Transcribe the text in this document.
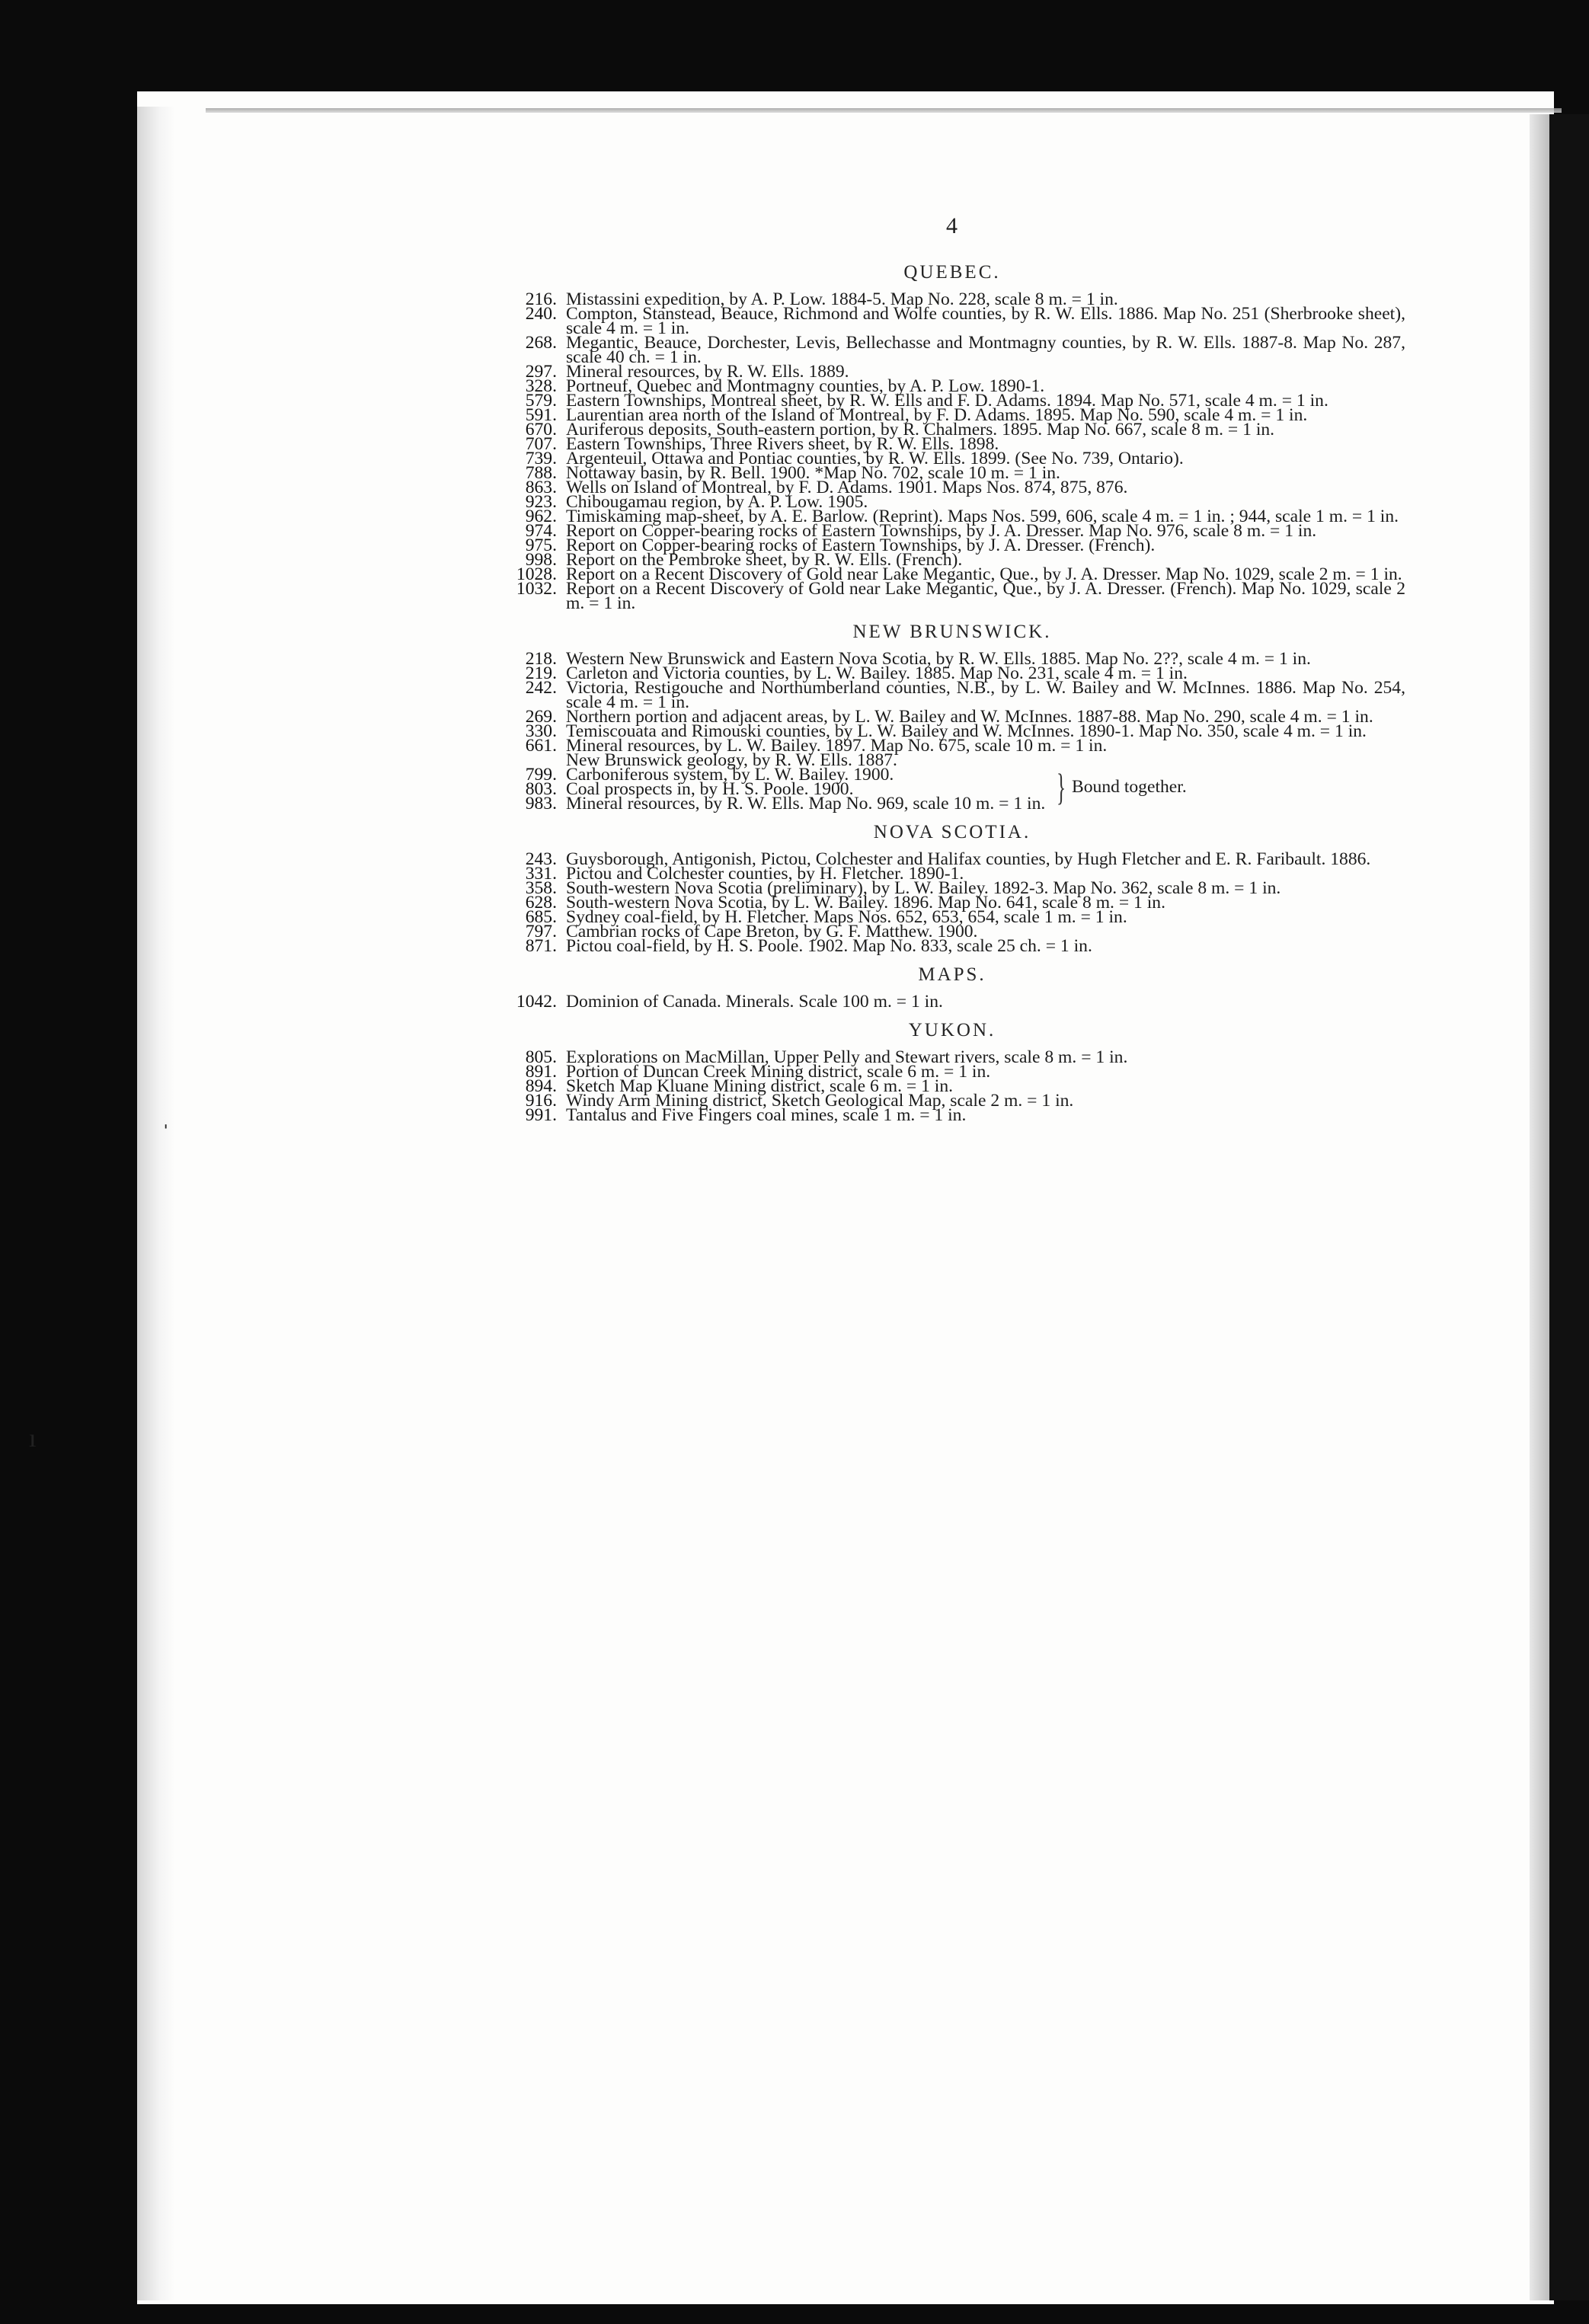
ˌ
ı
4
QUEBEC.
216. Mistassini expedition, by A. P. Low. 1884-5. Map No. 228, scale 8 m. = 1 in.
240. Compton, Stanstead, Beauce, Richmond and Wolfe counties, by R. W. Ells. 1886. Map No. 251 (Sherbrooke sheet), scale 4 m. = 1 in.
268. Megantic, Beauce, Dorchester, Levis, Bellechasse and Montmagny counties, by R. W. Ells. 1887-8. Map No. 287, scale 40 ch. = 1 in.
297. Mineral resources, by R. W. Ells. 1889.
328. Portneuf, Quebec and Montmagny counties, by A. P. Low. 1890-1.
579. Eastern Townships, Montreal sheet, by R. W. Ells and F. D. Adams. 1894. Map No. 571, scale 4 m. = 1 in.
591. Laurentian area north of the Island of Montreal, by F. D. Adams. 1895. Map No. 590, scale 4 m. = 1 in.
670. Auriferous deposits, South-eastern portion, by R. Chalmers. 1895. Map No. 667, scale 8 m. = 1 in.
707. Eastern Townships, Three Rivers sheet, by R. W. Ells. 1898.
739. Argenteuil, Ottawa and Pontiac counties, by R. W. Ells. 1899. (See No. 739, Ontario).
788. Nottaway basin, by R. Bell. 1900. *Map No. 702, scale 10 m. = 1 in.
863. Wells on Island of Montreal, by F. D. Adams. 1901. Maps Nos. 874, 875, 876.
923. Chibougamau region, by A. P. Low. 1905.
962. Timiskaming map-sheet, by A. E. Barlow. (Reprint). Maps Nos. 599, 606, scale 4 m. = 1 in. ; 944, scale 1 m. = 1 in.
974. Report on Copper-bearing rocks of Eastern Townships, by J. A. Dresser. Map No. 976, scale 8 m. = 1 in.
975. Report on Copper-bearing rocks of Eastern Townships, by J. A. Dresser. (French).
998. Report on the Pembroke sheet, by R. W. Ells. (French).
1028. Report on a Recent Discovery of Gold near Lake Megantic, Que., by J. A. Dresser. Map No. 1029, scale 2 m. = 1 in.
1032. Report on a Recent Discovery of Gold near Lake Megantic, Que., by J. A. Dresser. (French). Map No. 1029, scale 2 m. = 1 in.
NEW BRUNSWICK.
218. Western New Brunswick and Eastern Nova Scotia, by R. W. Ells. 1885. Map No. 2??, scale 4 m. = 1 in.
219. Carleton and Victoria counties, by L. W. Bailey. 1885. Map No. 231, scale 4 m. = 1 in.
242. Victoria, Restigouche and Northumberland counties, N.B., by L. W. Bailey and W. McInnes. 1886. Map No. 254, scale 4 m. = 1 in.
269. Northern portion and adjacent areas, by L. W. Bailey and W. McInnes. 1887-88. Map No. 290, scale 4 m. = 1 in.
330. Temiscouata and Rimouski counties, by L. W. Bailey and W. McInnes. 1890-1. Map No. 350, scale 4 m. = 1 in.
661. Mineral resources, by L. W. Bailey. 1897. Map No. 675, scale 10 m. = 1 in.
New Brunswick geology, by R. W. Ells. 1887.
799. Carboniferous system, by L. W. Bailey. 1900.
803. Coal prospects in, by H. S. Poole. 1900.	} Bound together.
983. Mineral resources, by R. W. Ells. Map No. 969, scale 10 m. = 1 in.
NOVA SCOTIA.
243. Guysborough, Antigonish, Pictou, Colchester and Halifax counties, by Hugh Fletcher and E. R. Faribault. 1886.
331. Pictou and Colchester counties, by H. Fletcher. 1890-1.
358. South-western Nova Scotia (preliminary), by L. W. Bailey. 1892-3. Map No. 362, scale 8 m. = 1 in.
628. South-western Nova Scotia, by L. W. Bailey. 1896. Map No. 641, scale 8 m. = 1 in.
685. Sydney coal-field, by H. Fletcher. Maps Nos. 652, 653, 654, scale 1 m. = 1 in.
797. Cambrian rocks of Cape Breton, by G. F. Matthew. 1900.
871. Pictou coal-field, by H. S. Poole. 1902. Map No. 833, scale 25 ch. = 1 in.
MAPS.
1042. Dominion of Canada. Minerals. Scale 100 m. = 1 in.
YUKON.
805. Explorations on MacMillan, Upper Pelly and Stewart rivers, scale 8 m. = 1 in.
891. Portion of Duncan Creek Mining district, scale 6 m. = 1 in.
894. Sketch Map Kluane Mining district, scale 6 m. = 1 in.
916. Windy Arm Mining district, Sketch Geological Map, scale 2 m. = 1 in.
991. Tantalus and Five Fingers coal mines, scale 1 m. = 1 in.
